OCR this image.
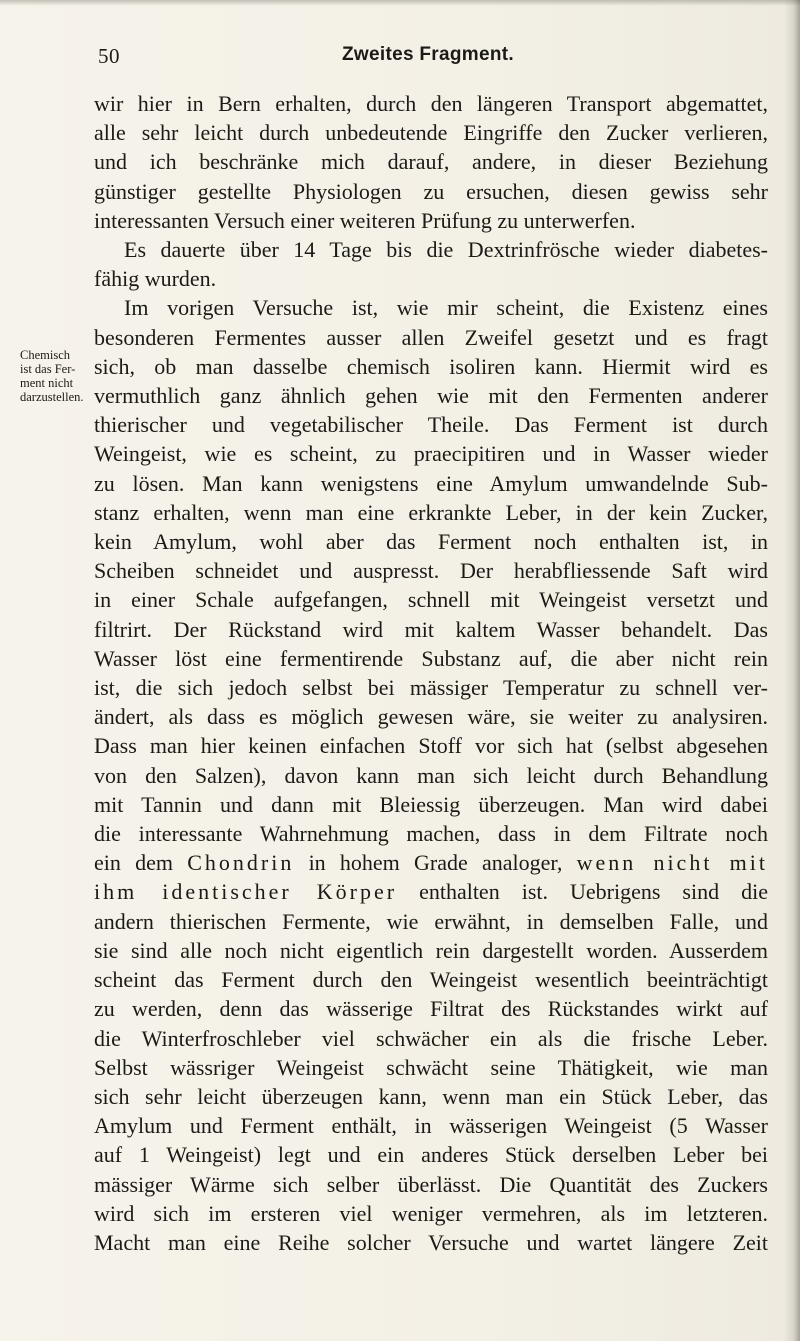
50	Zweites Fragment.
Chemisch
ist das Fer-
ment nicht
darzustellen.
wir hier in Bern erhalten, durch den längeren Transport abgemattet,
alle sehr leicht durch unbedeutende Eingriffe den Zucker verlieren,
und ich beschränke mich darauf, andere, in dieser Beziehung
günstiger gestellte Physiologen zu ersuchen, diesen gewiss sehr
interessanten Versuch einer weiteren Prüfung zu unterwerfen.
Es dauerte über 14 Tage bis die Dextrinfrösche wieder diabetes-
fähig wurden.
Im vorigen Versuche ist, wie mir scheint, die Existenz eines
besonderen Fermentes ausser allen Zweifel gesetzt und es fragt
sich, ob man dasselbe chemisch isoliren kann. Hiermit wird es
vermuthlich ganz ähnlich gehen wie mit den Fermenten anderer
thierischer und vegetabilischer Theile. Das Ferment ist durch
Weingeist, wie es scheint, zu praecipitiren und in Wasser wieder
zu lösen. Man kann wenigstens eine Amylum umwandelnde Sub-
stanz erhalten, wenn man eine erkrankte Leber, in der kein Zucker,
kein Amylum, wohl aber das Ferment noch enthalten ist, in
Scheiben schneidet und auspresst. Der herabfliessende Saft wird
in einer Schale aufgefangen, schnell mit Weingeist versetzt und
filtrirt. Der Rückstand wird mit kaltem Wasser behandelt. Das
Wasser löst eine fermentirende Substanz auf, die aber nicht rein
ist, die sich jedoch selbst bei mässiger Temperatur zu schnell ver-
ändert, als dass es möglich gewesen wäre, sie weiter zu analysiren.
Dass man hier keinen einfachen Stoff vor sich hat (selbst abgesehen
von den Salzen), davon kann man sich leicht durch Behandlung
mit Tannin und dann mit Bleiessig überzeugen. Man wird dabei
die interessante Wahrnehmung machen, dass in dem Filtrate noch
ein dem Chondrin in hohem Grade analoger, wenn nicht mit
ihm identischer Körper enthalten ist. Uebrigens sind die
andern thierischen Fermente, wie erwähnt, in demselben Falle, und
sie sind alle noch nicht eigentlich rein dargestellt worden. Ausserdem
scheint das Ferment durch den Weingeist wesentlich beeinträchtigt
zu werden, denn das wässerige Filtrat des Rückstandes wirkt auf
die Winterfroschleber viel schwächer ein als die frische Leber.
Selbst wässriger Weingeist schwächt seine Thätigkeit, wie man
sich sehr leicht überzeugen kann, wenn man ein Stück Leber, das
Amylum und Ferment enthält, in wässerigen Weingeist (5 Wasser
auf 1 Weingeist) legt und ein anderes Stück derselben Leber bei
mässiger Wärme sich selber überlässt. Die Quantität des Zuckers
wird sich im ersteren viel weniger vermehren, als im letzteren.
Macht man eine Reihe solcher Versuche und wartet längere Zeit
